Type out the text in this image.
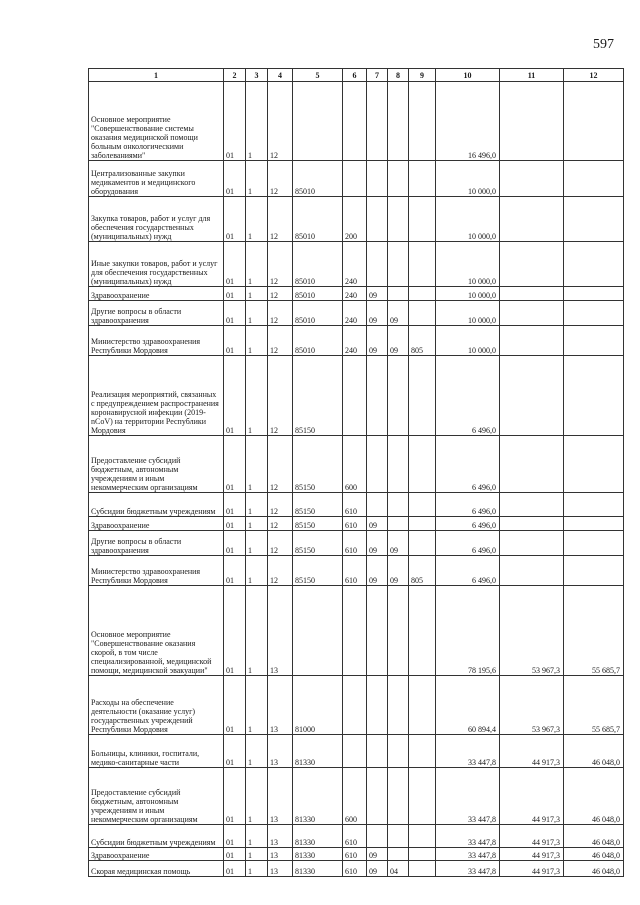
597
1	2	3	4	5	6	7	8	9	10	11	12
Основное мероприятие "Совершенствование системы оказания медицинской помощи больным онкологическими заболеваниями"	01	1	12						16 496,0		
Централизованные закупки медикаментов и медицинского оборудования	01	1	12	85010					10 000,0		
Закупка товаров, работ и услуг для обеспечения государственных (муниципальных) нужд	01	1	12	85010	200				10 000,0		
Иные закупки товаров, работ и услуг для обеспечения государственных (муниципальных) нужд	01	1	12	85010	240				10 000,0		
Здравоохранение	01	1	12	85010	240	09			10 000,0		
Другие вопросы в области здравоохранения	01	1	12	85010	240	09	09		10 000,0		
Министерство здравоохранения Республики Мордовия	01	1	12	85010	240	09	09	805	10 000,0		
Реализация мероприятий, связанных с предупреждением распространения коронавирусной инфекции (2019-nCoV) на территории Республики Мордовия	01	1	12	85150					6 496,0		
Предоставление субсидий бюджетным, автономным учреждениям и иным некоммерческим организациям	01	1	12	85150	600				6 496,0		
Субсидии бюджетным учреждениям	01	1	12	85150	610				6 496,0		
Здравоохранение	01	1	12	85150	610	09			6 496,0		
Другие вопросы в области здравоохранения	01	1	12	85150	610	09	09		6 496,0		
Министерство здравоохранения Республики Мордовия	01	1	12	85150	610	09	09	805	6 496,0		
Основное мероприятие "Совершенствование оказания скорой, в том числе специализированной, медицинской помощи, медицинской эвакуации"	01	1	13						78 195,6	53 967,3	55 685,7
Расходы на обеспечение деятельности (оказание услуг) государственных учреждений Республики Мордовия	01	1	13	81000					60 894,4	53 967,3	55 685,7
Больницы, клиники, госпитали, медико-санитарные части	01	1	13	81330					33 447,8	44 917,3	46 048,0
Предоставление субсидий бюджетным, автономным учреждениям и иным некоммерческим организациям	01	1	13	81330	600				33 447,8	44 917,3	46 048,0
Субсидии бюджетным учреждениям	01	1	13	81330	610				33 447,8	44 917,3	46 048,0
Здравоохранение	01	1	13	81330	610	09			33 447,8	44 917,3	46 048,0
Скорая медицинская помощь	01	1	13	81330	610	09	04		33 447,8	44 917,3	46 048,0
